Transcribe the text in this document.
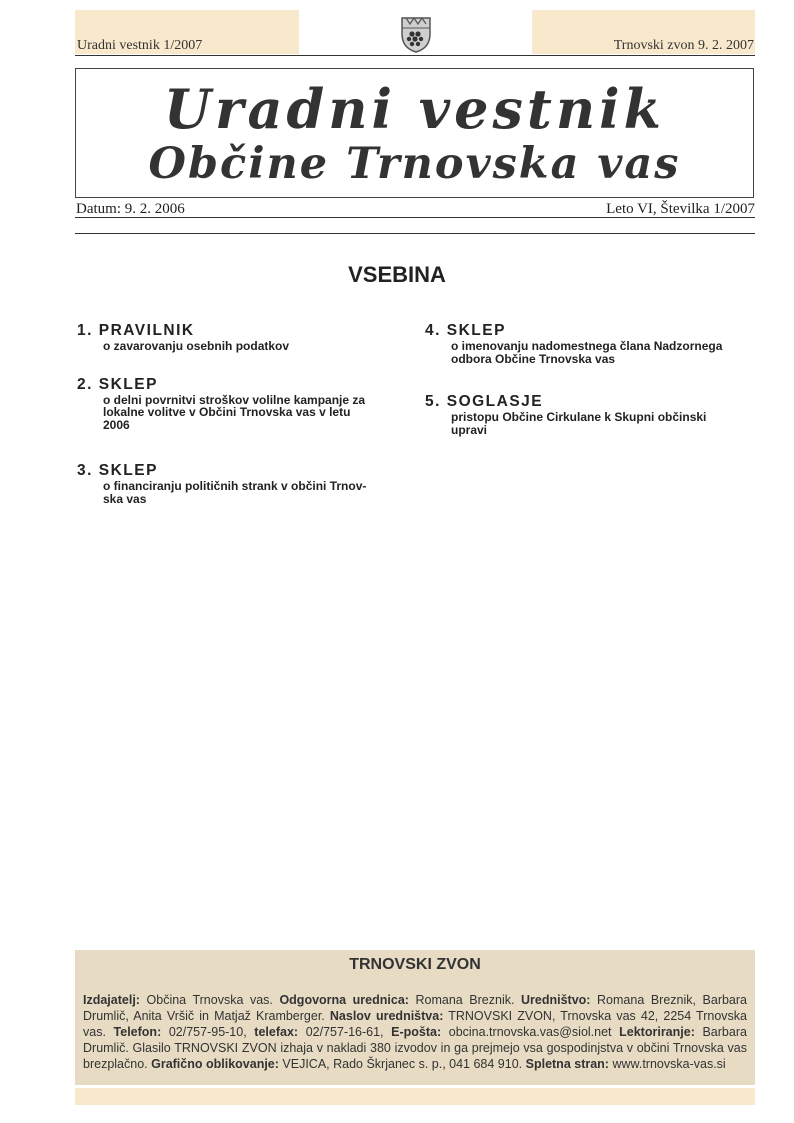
Uradni vestnik 1/2007	Trnovski zvon 9. 2. 2007
Uradni vestnik
Občine Trnovska vas
Datum: 9. 2. 2006	Leto VI, Številka 1/2007
VSEBINA
1. PRAVILNIK
o zavarovanju osebnih podatkov
2. SKLEP
o delni povrnitvi stroškov volilne kampanje za
lokalne volitve v Občini Trnovska vas v letu
2006
3. SKLEP
o financiranju političnih strank v občini Trnov-
ska vas
4. SKLEP
o imenovanju nadomestnega člana Nadzornega
odbora Občine Trnovska vas
5. SOGLASJE
pristopu Občine Cirkulane k Skupni občinski
upravi
TRNOVSKI ZVON
Izdajatelj: Občina Trnovska vas. Odgovorna urednica: Romana Breznik. Uredništvo: Romana Breznik, Barbara Drumlič, Anita Vršič in Matjaž Kramberger. Naslov uredništva: TRNOVSKI ZVON, Trnovska vas 42, 2254 Trnovska vas. Telefon: 02/757-95-10, telefax: 02/757-16-61, E-pošta: obcina.trnovska.vas@siol.net Lektoriranje: Barbara Drumlič. Glasilo TRNOVSKI ZVON izhaja v nakladi 380 izvodov in ga prejmejo vsa gospodinjstva v občini Trnovska vas brezplačno. Grafično oblikovanje: VEJICA, Rado Škrjanec s. p., 041 684 910. Spletna stran: www.trnovska-vas.si
